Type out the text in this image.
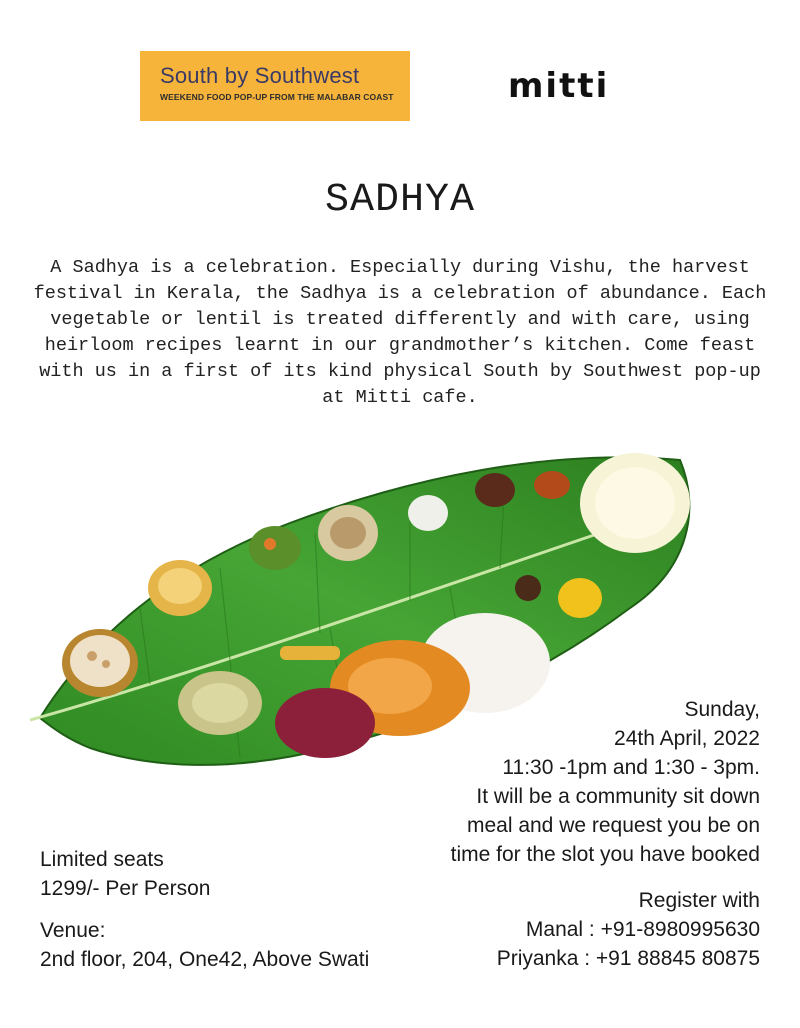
South by Southwest
WEEKEND FOOD POP-UP FROM THE MALABAR COAST	mitti
SADHYA

A Sadhya is a celebration. Especially during Vishu, the harvest festival in Kerala, the Sadhya is a celebration of abundance. Each vegetable or lentil is treated differently and with care, using heirloom recipes learnt in our grandmother’s kitchen. Come feast with us in a first of its kind physical South by Southwest pop-up at Mitti cafe.

Sunday,
24th April, 2022
11:30 -1pm and 1:30 - 3pm.
It will be a community sit down
meal and we request you be on
time for the slot you have booked
Limited seats
1299/- Per Person
Venue:
2nd floor, 204, One42, Above Swati
Register with
Manal : +91-8980995630
Priyanka : +91 88845 80875
